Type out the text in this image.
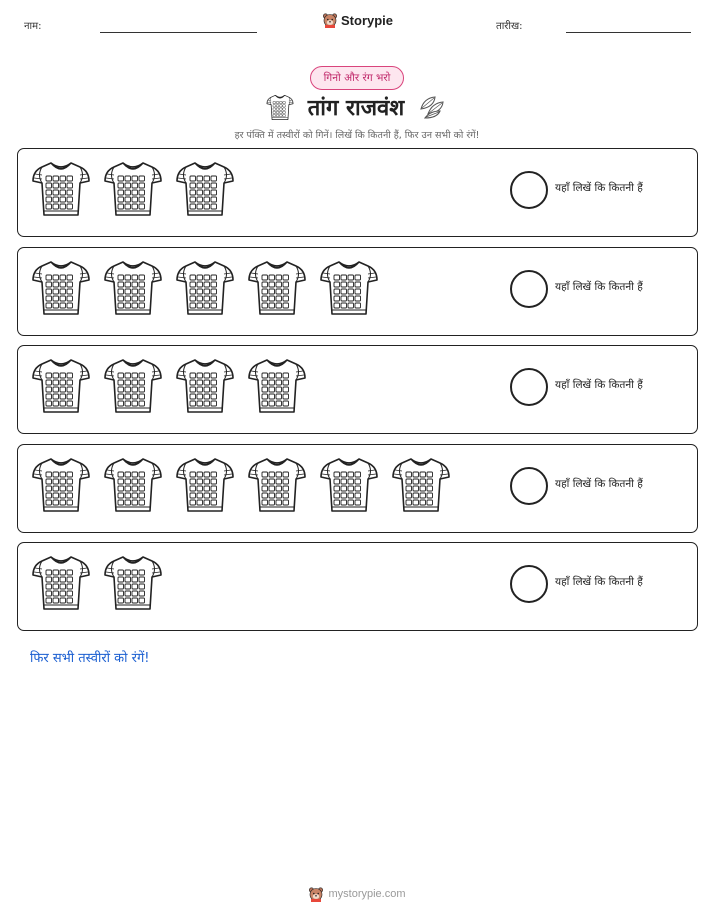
नाम:	Storypie	तारीख:
गिनो और रंग भरो
तांग राजवंश
हर पंक्ति में तस्वीरों को गिनें। लिखें कि कितनी हैं, फिर उन सभी को रंगें!
यहाँ लिखें कि कितनी हैं
यहाँ लिखें कि कितनी हैं
यहाँ लिखें कि कितनी हैं
यहाँ लिखें कि कितनी हैं
यहाँ लिखें कि कितनी हैं
फिर सभी तस्वीरों को रंगें!
mystorypie.com
